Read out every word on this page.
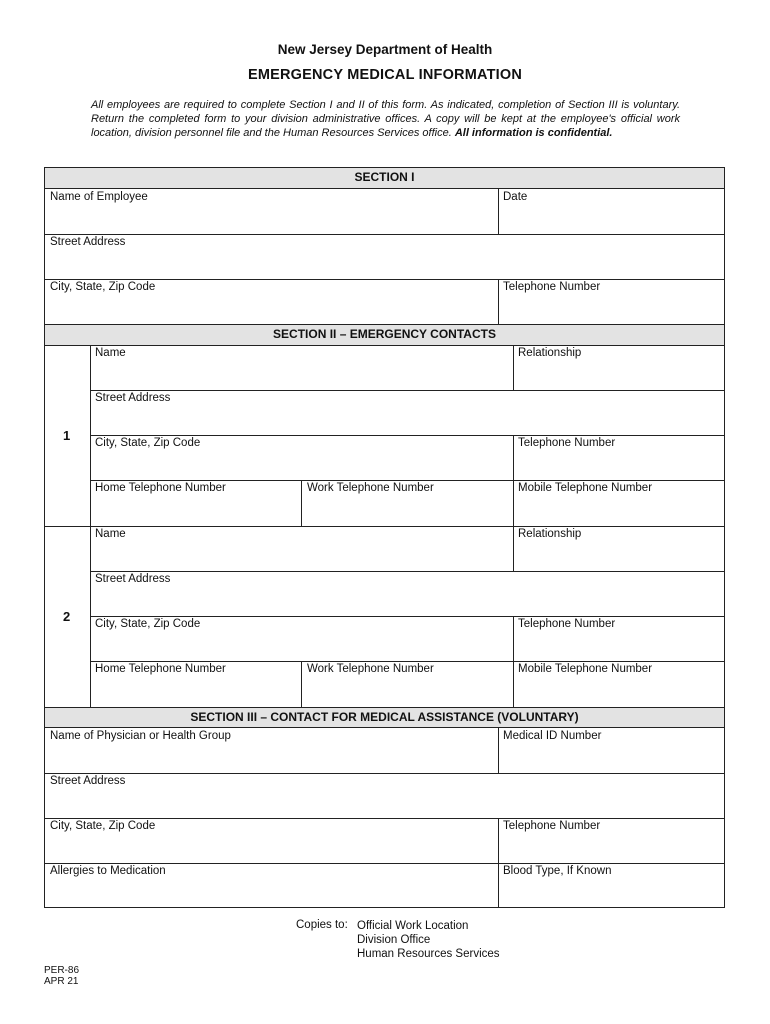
New Jersey Department of Health
EMERGENCY MEDICAL INFORMATION
All employees are required to complete Section I and II of this form. As indicated, completion of Section III is voluntary. Return the completed form to your division administrative offices. A copy will be kept at the employee's official work location, division personnel file and the Human Resources Services office. All information is confidential.
SECTION I
Name of Employee	Date
Street Address
City, State, Zip Code	Telephone Number
SECTION II – EMERGENCY CONTACTS
1
Name	Relationship
Street Address
City, State, Zip Code	Telephone Number
Home Telephone Number	Work Telephone Number	Mobile Telephone Number
2
Name	Relationship
Street Address
City, State, Zip Code	Telephone Number
Home Telephone Number	Work Telephone Number	Mobile Telephone Number
SECTION III – CONTACT FOR MEDICAL ASSISTANCE (VOLUNTARY)
Name of Physician or Health Group	Medical ID Number
Street Address
City, State, Zip Code	Telephone Number
Allergies to Medication	Blood Type, If Known
Copies to: Official Work Location
Division Office
Human Resources Services
PER-86
APR 21
